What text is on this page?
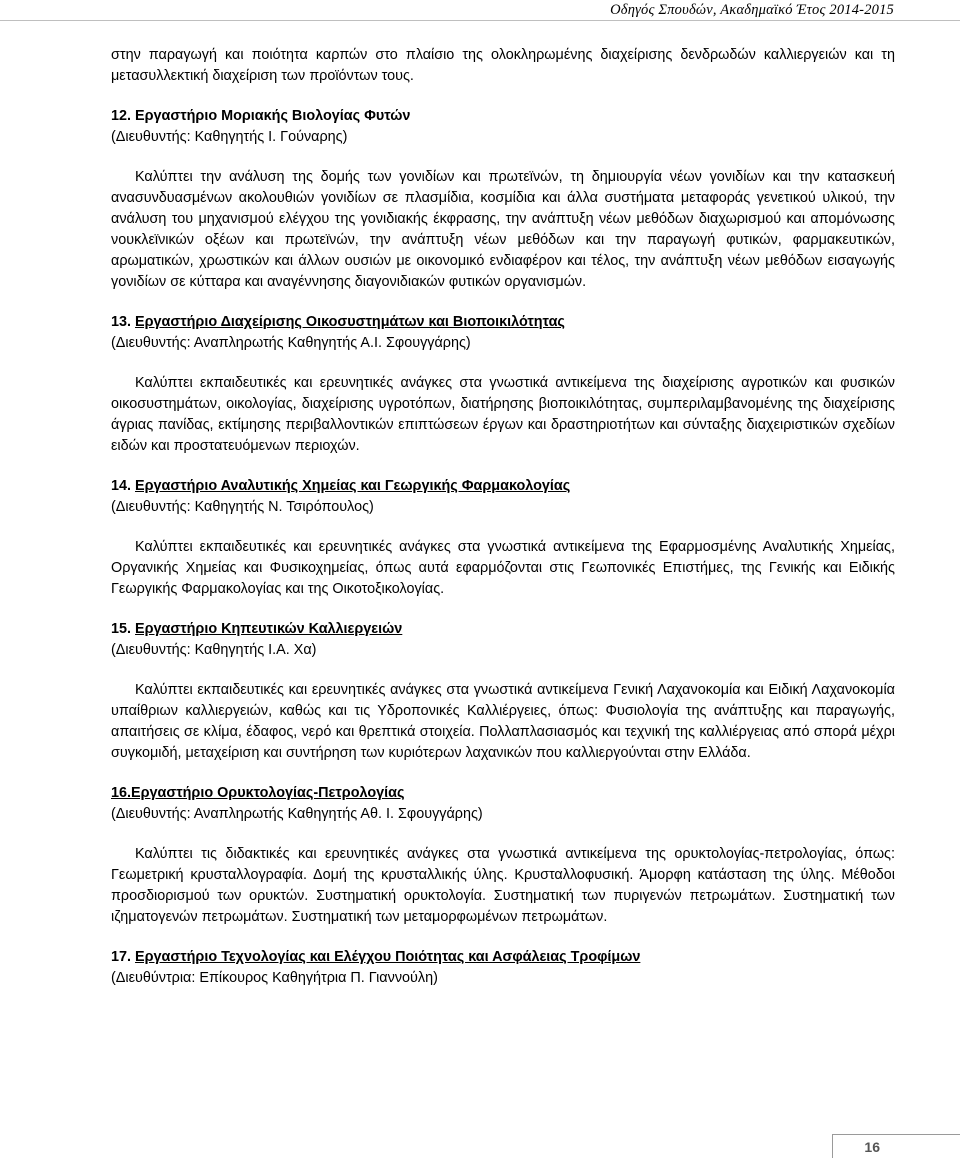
Οδηγός Σπουδών, Ακαδημαϊκό Έτος 2014-2015

στην παραγωγή και ποιότητα καρπών στο πλαίσιο της ολοκληρωμένης διαχείρισης δενδρωδών καλλιεργειών και τη μετασυλλεκτική διαχείριση των προϊόντων τους.

12. Εργαστήριο Μοριακής Βιολογίας Φυτών
(Διευθυντής: Καθηγητής Ι. Γούναρης)

Καλύπτει την ανάλυση της δομής των γονιδίων και πρωτεϊνών, τη δημιουργία νέων γονιδίων και την κατασκευή ανασυνδυασμένων ακολουθιών γονιδίων σε πλασμίδια, κοσμίδια και άλλα συστήματα μεταφοράς γενετικού υλικού, την ανάλυση του μηχανισμού ελέγχου της γονιδιακής έκφρασης, την ανάπτυξη νέων μεθόδων διαχωρισμού και απομόνωσης νουκλεϊνικών οξέων και πρωτεϊνών, την ανάπτυξη νέων μεθόδων και την παραγωγή φυτικών, φαρμακευτικών, αρωματικών, χρωστικών και άλλων ουσιών με οικονομικό ενδιαφέρον και τέλος, την ανάπτυξη νέων μεθόδων εισαγωγής γονιδίων σε κύτταρα και αναγέννησης διαγονιδιακών φυτικών οργανισμών.

13. Εργαστήριο Διαχείρισης Οικοσυστημάτων και Βιοποικιλότητας
(Διευθυντής: Αναπληρωτής Καθηγητής Α.Ι. Σφουγγάρης)

Καλύπτει εκπαιδευτικές και ερευνητικές ανάγκες στα γνωστικά αντικείμενα της διαχείρισης αγροτικών και φυσικών οικοσυστημάτων, οικολογίας, διαχείρισης υγροτόπων, διατήρησης βιοποικιλότητας, συμπεριλαμβανομένης της διαχείρισης άγριας πανίδας, εκτίμησης περιβαλλοντικών επιπτώσεων έργων και δραστηριοτήτων και σύνταξης διαχειριστικών σχεδίων ειδών και προστατευόμενων περιοχών.

14. Εργαστήριο Αναλυτικής Χημείας και Γεωργικής Φαρμακολογίας
(Διευθυντής: Καθηγητής Ν. Τσιρόπουλος)

Καλύπτει εκπαιδευτικές και ερευνητικές ανάγκες στα γνωστικά αντικείμενα της Εφαρμοσμένης Αναλυτικής Χημείας, Οργανικής Χημείας και Φυσικοχημείας, όπως αυτά εφαρμόζονται στις Γεωπονικές Επιστήμες, της Γενικής και Ειδικής Γεωργικής Φαρμακολογίας και της Οικοτοξικολογίας.

15. Εργαστήριο Κηπευτικών Καλλιεργειών
(Διευθυντής: Καθηγητής Ι.Α. Χα)

Καλύπτει εκπαιδευτικές και ερευνητικές ανάγκες στα γνωστικά αντικείμενα Γενική Λαχανοκομία και Ειδική Λαχανοκομία υπαίθριων καλλιεργειών, καθώς και τις Υδροπονικές Καλλιέργειες, όπως: Φυσιολογία της ανάπτυξης και παραγωγής, απαιτήσεις σε κλίμα, έδαφος, νερό και θρεπτικά στοιχεία. Πολλαπλασιασμός και τεχνική της καλλιέργειας από σπορά μέχρι συγκομιδή, μεταχείριση και συντήρηση των κυριότερων λαχανικών που καλλιεργούνται στην Ελλάδα.

16.Εργαστήριο Ορυκτολογίας-Πετρολογίας
(Διευθυντής: Αναπληρωτής Καθηγητής Αθ. Ι. Σφουγγάρης)

Καλύπτει τις διδακτικές και ερευνητικές ανάγκες στα γνωστικά αντικείμενα της ορυκτολογίας-πετρολογίας, όπως: Γεωμετρική κρυσταλλογραφία. Δομή της κρυσταλλικής ύλης. Κρυσταλλοφυσική. Άμορφη κατάσταση της ύλης. Μέθοδοι προσδιορισμού των ορυκτών. Συστηματική ορυκτολογία. Συστηματική των πυριγενών πετρωμάτων. Συστηματική των ιζηματογενών πετρωμάτων. Συστηματική των μεταμορφωμένων πετρωμάτων.

17. Εργαστήριο Τεχνολογίας και Ελέγχου Ποιότητας και Ασφάλειας Τροφίμων
(Διευθύντρια: Επίκουρος Καθηγήτρια Π. Γιαννούλη)
16
